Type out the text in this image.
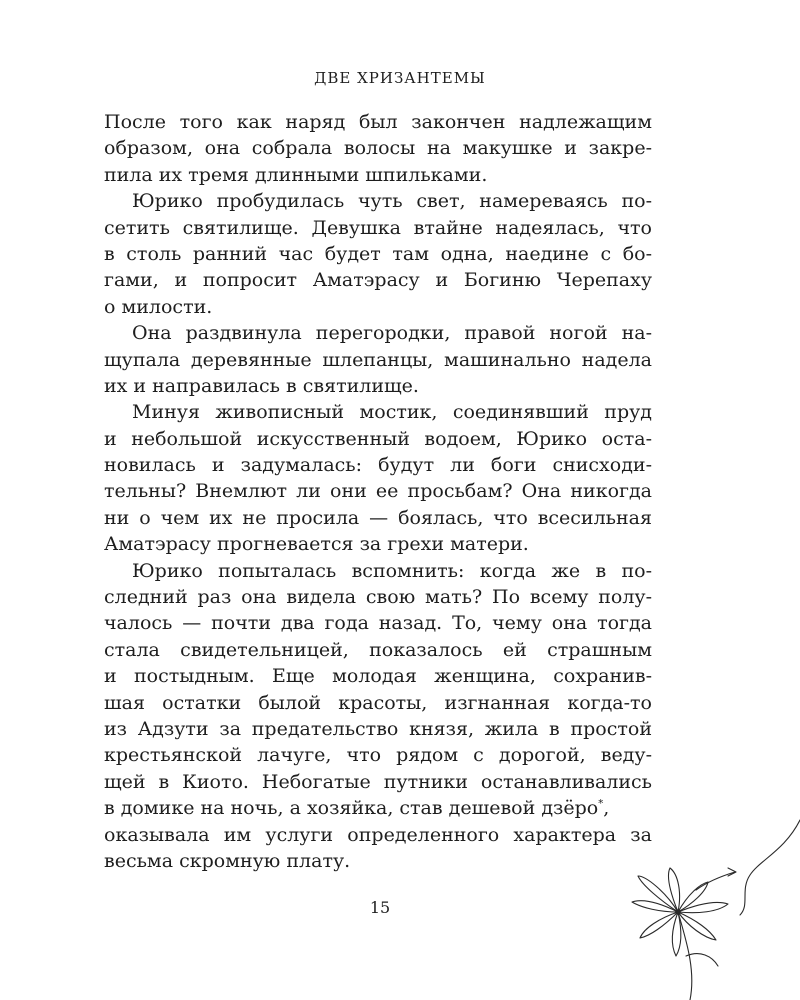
ДВЕ ХРИЗАНТЕМЫ
После того как наряд был закончен надлежащим
образом, она собрала волосы на макушке и закре-
пила их тремя длинными шпильками.
Юрико пробудилась чуть свет, намереваясь по-
сетить святилище. Девушка втайне надеялась, что
в столь ранний час будет там одна, наедине с бо-
гами, и попросит Аматэрасу и Богиню Черепаху
о милости.
Она раздвинула перегородки, правой ногой на-
щупала деревянные шлепанцы, машинально надела
их и направилась в святилище.
Минуя живописный мостик, соединявший пруд
и небольшой искусственный водоем, Юрико оста-
новилась и задумалась: будут ли боги снисходи-
тельны? Внемлют ли они ее просьбам? Она никогда
ни о чем их не просила — боялась, что всесильная
Аматэрасу прогневается за грехи матери.
Юрико попыталась вспомнить: когда же в по-
следний раз она видела свою мать? По всему полу-
чалось — почти два года назад. То, чему она тогда
стала свидетельницей, показалось ей страшным
и постыдным. Еще молодая женщина, сохранив-
шая остатки былой красоты, изгнанная когда-то
из Адзути за предательство князя, жила в простой
крестьянской лачуге, что рядом с дорогой, веду-
щей в Киото. Небогатые путники останавливались
в домике на ночь, а хозяйка, став дешевой дзёро*,
оказывала им услуги определенного характера за
весьма скромную плату.
15
